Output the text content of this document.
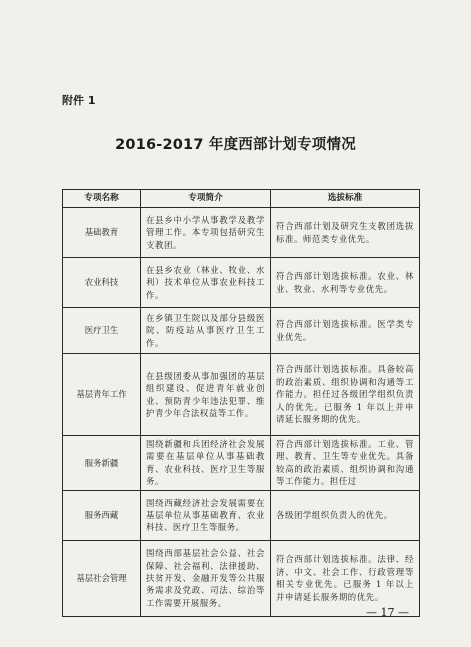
附件 1
2016-2017 年度西部计划专项情况
专项名称	专项简介	选拔标准
基础教育	在县乡中小学从事教学及教学管理工作。本专项包括研究生支教团。	符合西部计划及研究生支教团选拔标准。师范类专业优先。
农业科技	在县乡农业（林业、牧业、水利）技术单位从事农业科技工作。	符合西部计划选拔标准。农业、林业、牧业、水利等专业优先。
医疗卫生	在乡镇卫生院以及部分县级医院、防疫站从事医疗卫生工作。	符合西部计划选拔标准。医学类专业优先。
基层青年工作	在县级团委从事加强团的基层组织建设、促进青年就业创业、预防青少年违法犯罪、维护青少年合法权益等工作。	符合西部计划选拔标准。具备较高的政治素质、组织协调和沟通等工作能力。担任过各级团学组织负责人的优先。已服务 1 年以上并申请延长服务期的优先。
服务新疆	围绕新疆和兵团经济社会发展需要在基层单位从事基础教育、农业科技、医疗卫生等服务。	符合西部计划选拔标准。工业、管理、教育、卫生等专业优先。具备较高的政治素质、组织协调和沟通等工作能力。担任过
服务西藏	围绕西藏经济社会发展需要在基层单位从事基础教育、农业科技、医疗卫生等服务。	各级团学组织负责人的优先。
基层社会管理	围绕西部基层社会公益、社会保障、社会福利、法律援助、扶贫开发、金融开发等公共服务需求及党政、司法、综治等工作需要开展服务。	符合西部计划选拔标准。法律、经济、中文、社会工作、行政管理等相关专业优先。已服务 1 年以上并申请延长服务期的优先。
— 17 —
